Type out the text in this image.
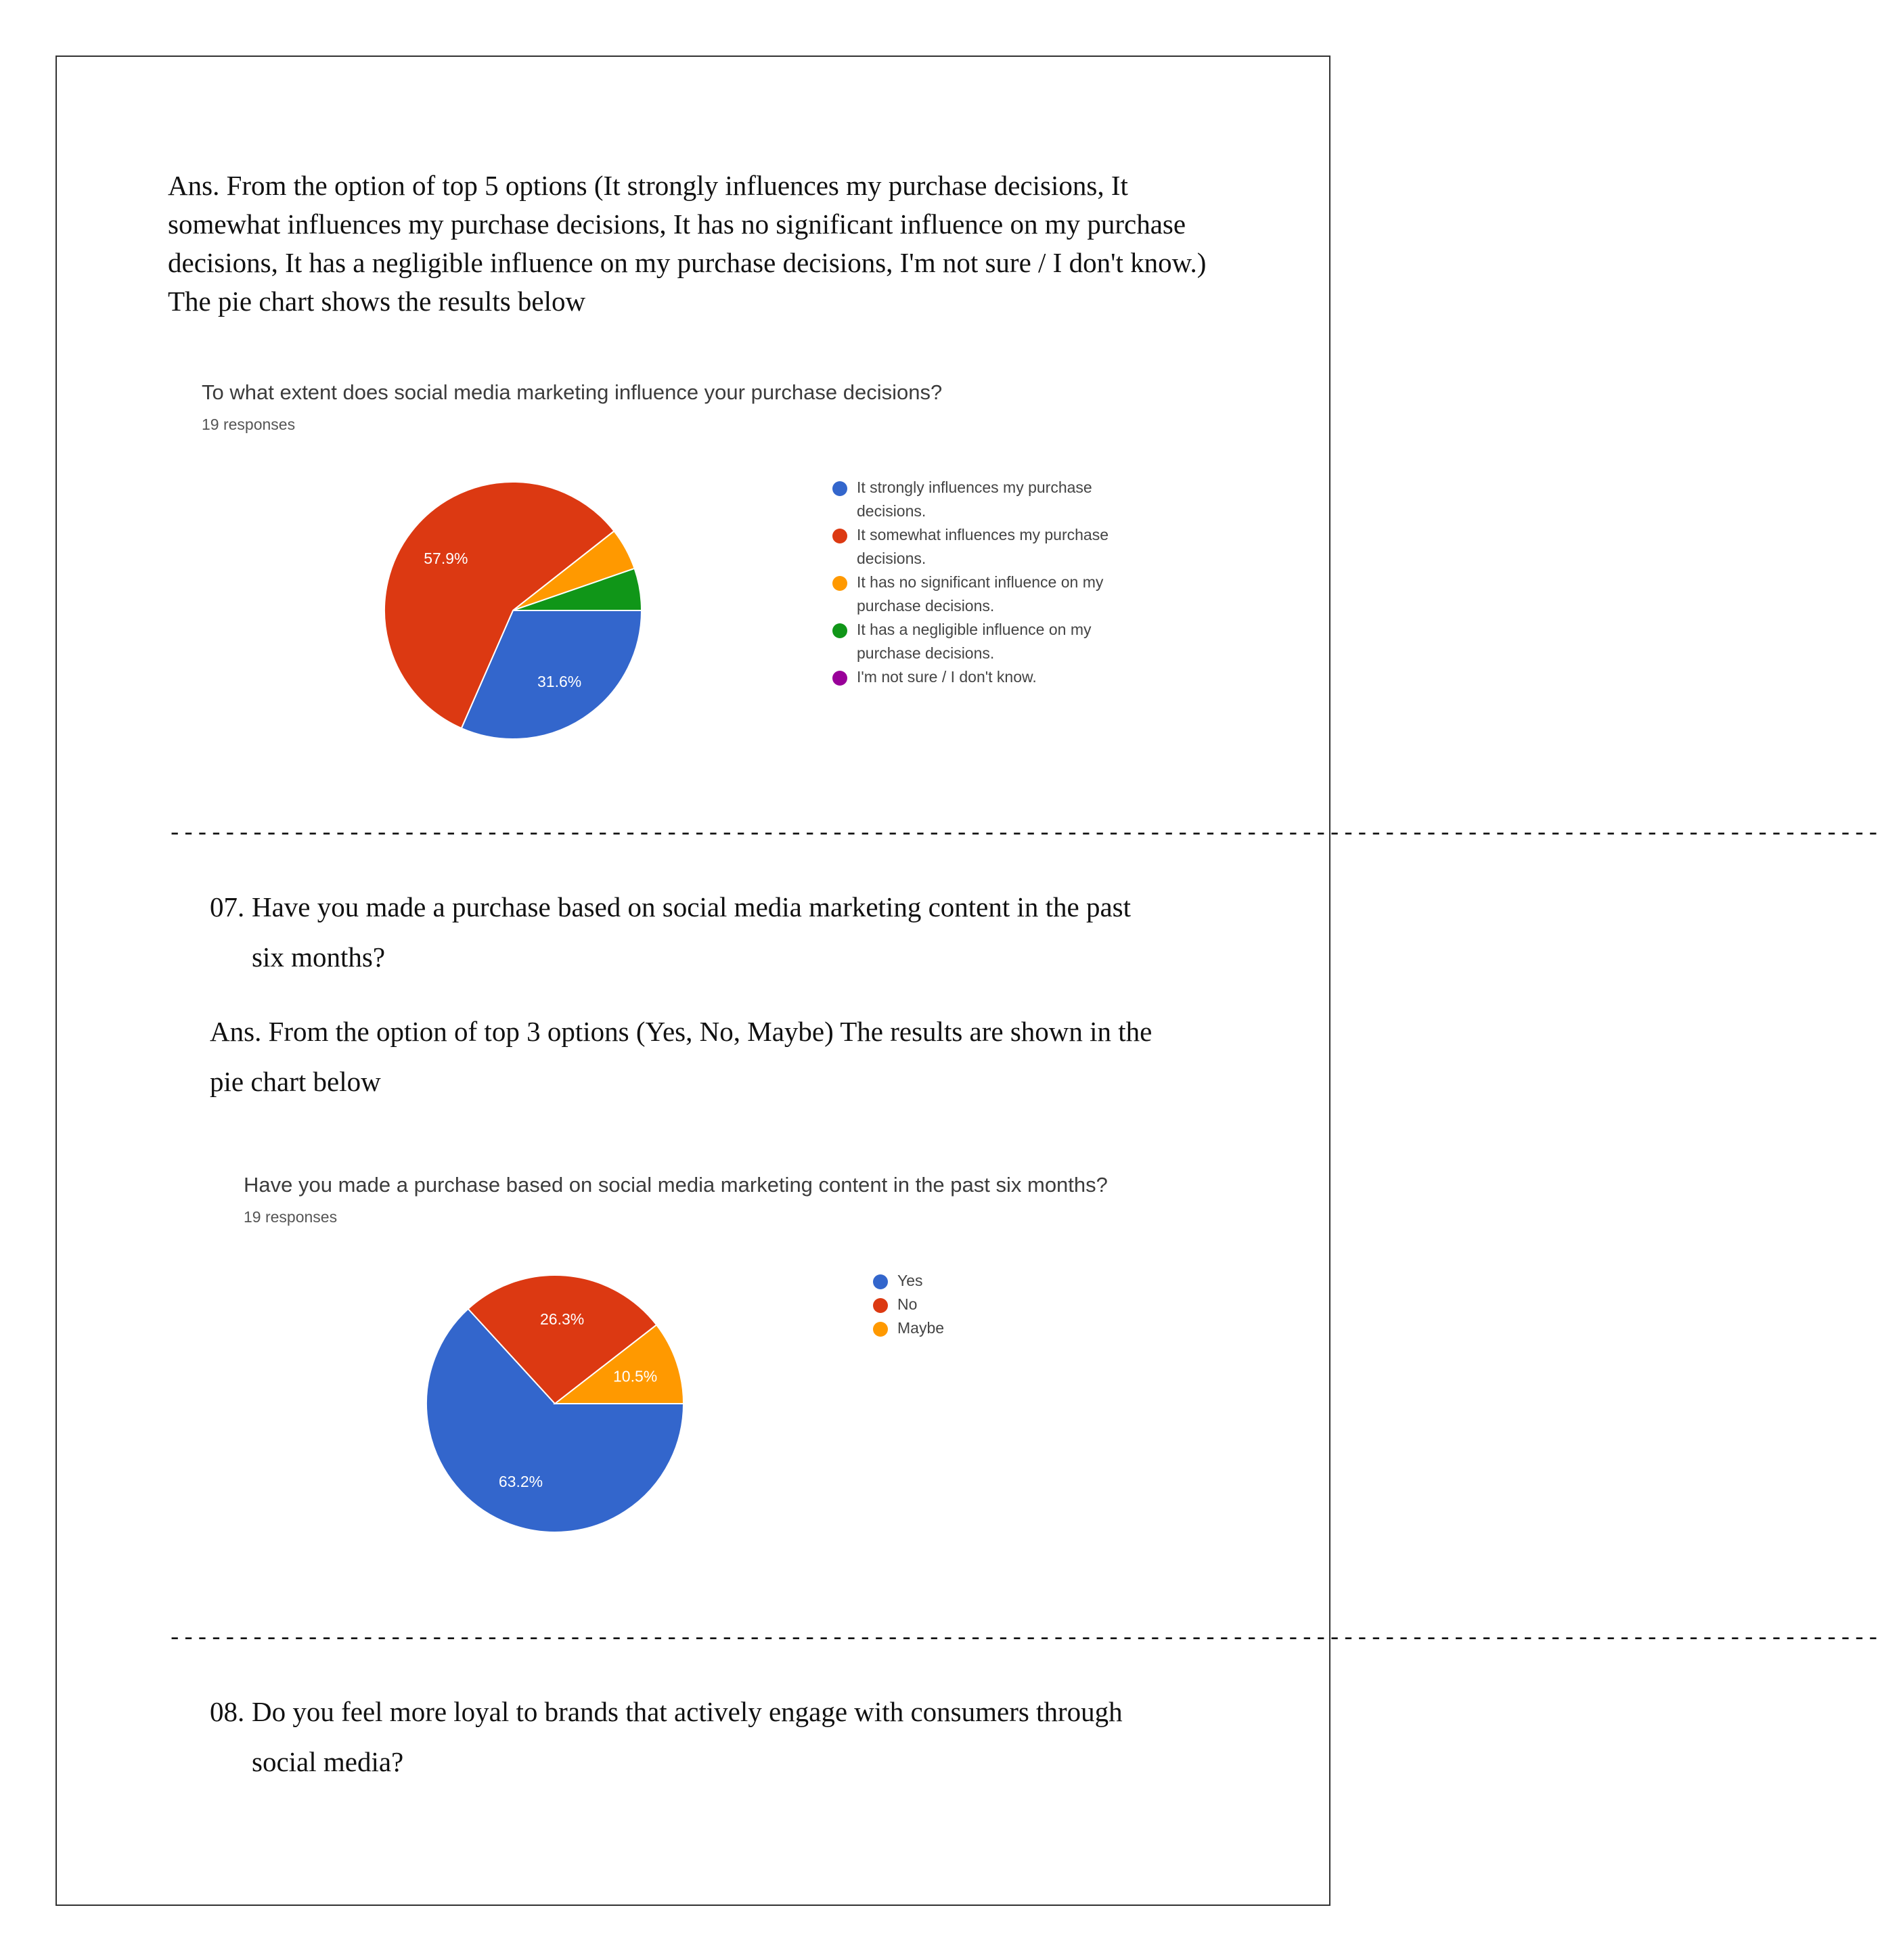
Ans. From the option of top 5 options (It strongly influences my purchase decisions, It somewhat influences my purchase decisions, It has no significant influence on my purchase decisions, It has a negligible influence on my purchase decisions, I'm not sure / I don't know.) The pie chart shows the results below

To what extent does social media marketing influence your purchase decisions?

19 responses

31.6%
57.9%
It strongly influences my purchase decisions.
It somewhat influences my purchase decisions.
It has no significant influence on my purchase decisions.
It has a negligible influence on my purchase decisions.
I'm not sure / I don't know.
----------------------------------------------------------------------------------------------------------------------------

07. Have you made a purchase based on social media marketing content in the past

six months?

Ans. From the option of top 3 options (Yes, No, Maybe) The results are shown in the

pie chart below

Have you made a purchase based on social media marketing content in the past six months?

19 responses

63.2%
26.3%
10.5%
Yes
No
Maybe
----------------------------------------------------------------------------------------------------------------------------

08. Do you feel more loyal to brands that actively engage with consumers through

social media?
